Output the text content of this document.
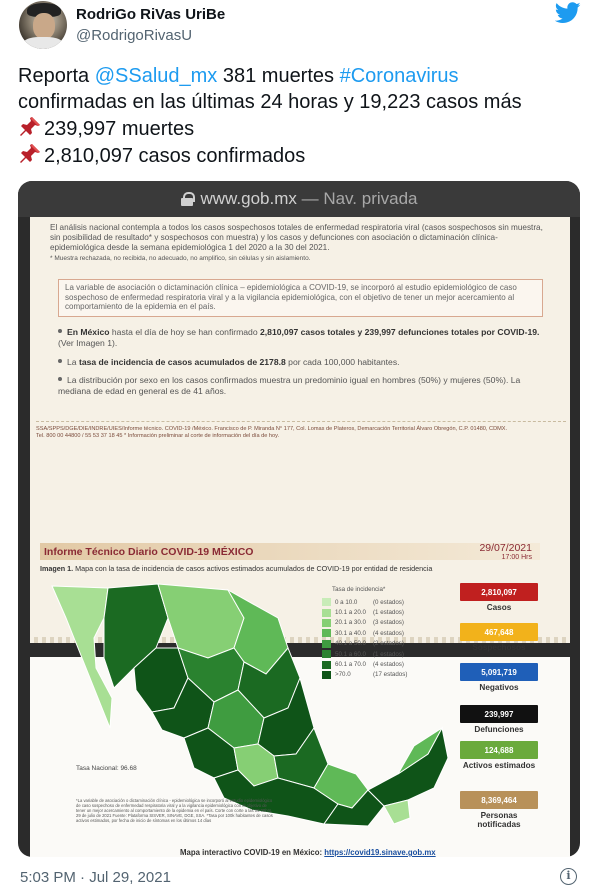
RodriGo RiVas UriBe
@RodrigoRivasU
Reporta @SSalud_mx 381 muertes #Coronavirus
confirmadas en las últimas 24 horas y 19,223 casos más
239,997 muertes
2,810,097 casos confirmados
www.gob.mx — Nav. privada

El análisis nacional contempla a todos los casos sospechosos totales de enfermedad respiratoria viral (casos sospechosos sin muestra, sin posibilidad de resultado* y sospechosos con muestra) y los casos y defunciones con asociación o dictaminación clínica-epidemiológica desde la semana epidemiológica 1 del 2020 a la 30 del 2021.

* Muestra rechazada, no recibida, no adecuado, no amplifico, sin células y sin aislamiento.

La variable de asociación o dictaminación clínica – epidemiológica a COVID-19, se incorporó al estudio epidemiológico de caso sospechoso de enfermedad respiratoria viral y a la vigilancia epidemiológica, con el objetivo de tener un mejor acercamiento al comportamiento de la epidemia en el país.
En México hasta el día de hoy se han confirmado 2,810,097 casos totales y 239,997 defunciones totales por COVID-19. (Ver Imagen 1).
La tasa de incidencia de casos acumulados de 2178.8 por cada 100,000 habitantes.
La distribución por sexo en los casos confirmados muestra un predominio igual en hombres (50%) y mujeres (50%). La mediana de edad en general es de 41 años.
SSA/SPPS/DGE/DIE/INDRE/UIES/Informe técnico. COVID-19 /México. Francisco de P. Miranda N° 177, Col. Lomas de Plateros, Demarcación Territorial Álvaro Obregón, C.P. 01480, CDMX.
Tel. 800 00 44800 / 55 53 37 18 45 * Información preliminar al corte de información del día de hoy.
Informe Técnico Diario COVID-19 MÉXICO	29/07/2021
17:00 Hrs
Imagen 1. Mapa con la tasa de incidencia de casos activos estimados acumulados de COVID-19 por entidad de residencia
Tasa de incidencia*
0 a 10.0	(0 estados)
10.1 a 20.0	(1 estados)
20.1 a 30.0	(3 estados)
30.1 a 40.0	(4 estados)
40.1 a 50.0	(2 estados)
50.1 a 60.0	(1 estados)
60.1 a 70.0	(4 estados)
>70.0	(17 estados)
Tasa Nacional: 96.68
*La variable de asociación o dictaminación clínica - epidemiológica se incorporó al estudio epidemiológico de caso sospechoso de enfermedad respiratoria viral y a la vigilancia epidemiológica con el objetivo de tener un mejor acercamiento al comportamiento de la epidemia en el país. Corte con corte a las 09:00hrs, 29 de julio de 2021 Fuente: Plataforma SISVER, SINAVE, DGE, SSA. *Tasa por 100k habitantes de casos activos estimados, por fecha de inicio de síntomas en los últimos 14 días
Mapa interactivo COVID-19 en México: https://covid19.sinave.gob.mx
2,810,097
Casos
467,648
Sospechosos
5,091,719
Negativos
239,997
Defunciones
124,688
Activos estimados
8,369,464
Personas notificadas
5:03 PM · Jul 29, 2021	i
